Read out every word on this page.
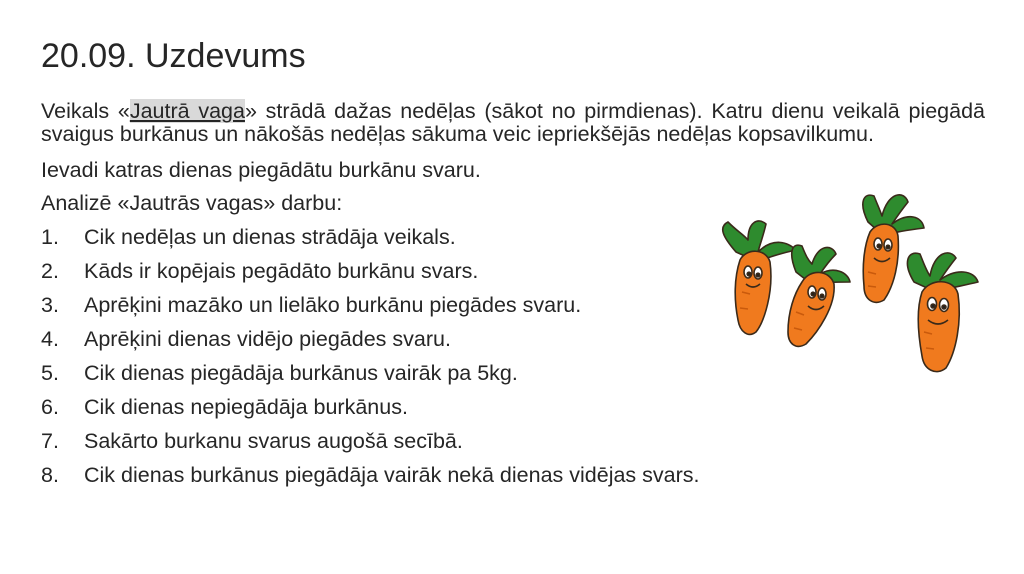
20.09. Uzdevums

Veikals «Jautrā vaga» strādā dažas nedēļas (sākot no pirmdienas). Katru dienu veikalā piegādā svaigus burkānus un nākošās nedēļas sākuma veic iepriekšējās nedēļas kopsavilkumu.

Ievadi katras dienas piegādātu burkānu svaru.

Analizē «Jautrās vagas» darbu:

1.	Cik nedēļas un dienas strādāja veikals.
2.	Kāds ir kopējais pegādāto burkānu svars.
3.	Aprēķini mazāko un lielāko burkānu piegādes svaru.
4.	Aprēķini dienas vidējo piegādes svaru.
5.	Cik dienas piegādāja burkānus vairāk pa 5kg.
6.	Cik dienas nepiegādāja burkānus.
7.	Sakārto burkanu svarus augošā secībā.
8.	Cik dienas burkānus piegādāja vairāk nekā dienas vidējas svars.
